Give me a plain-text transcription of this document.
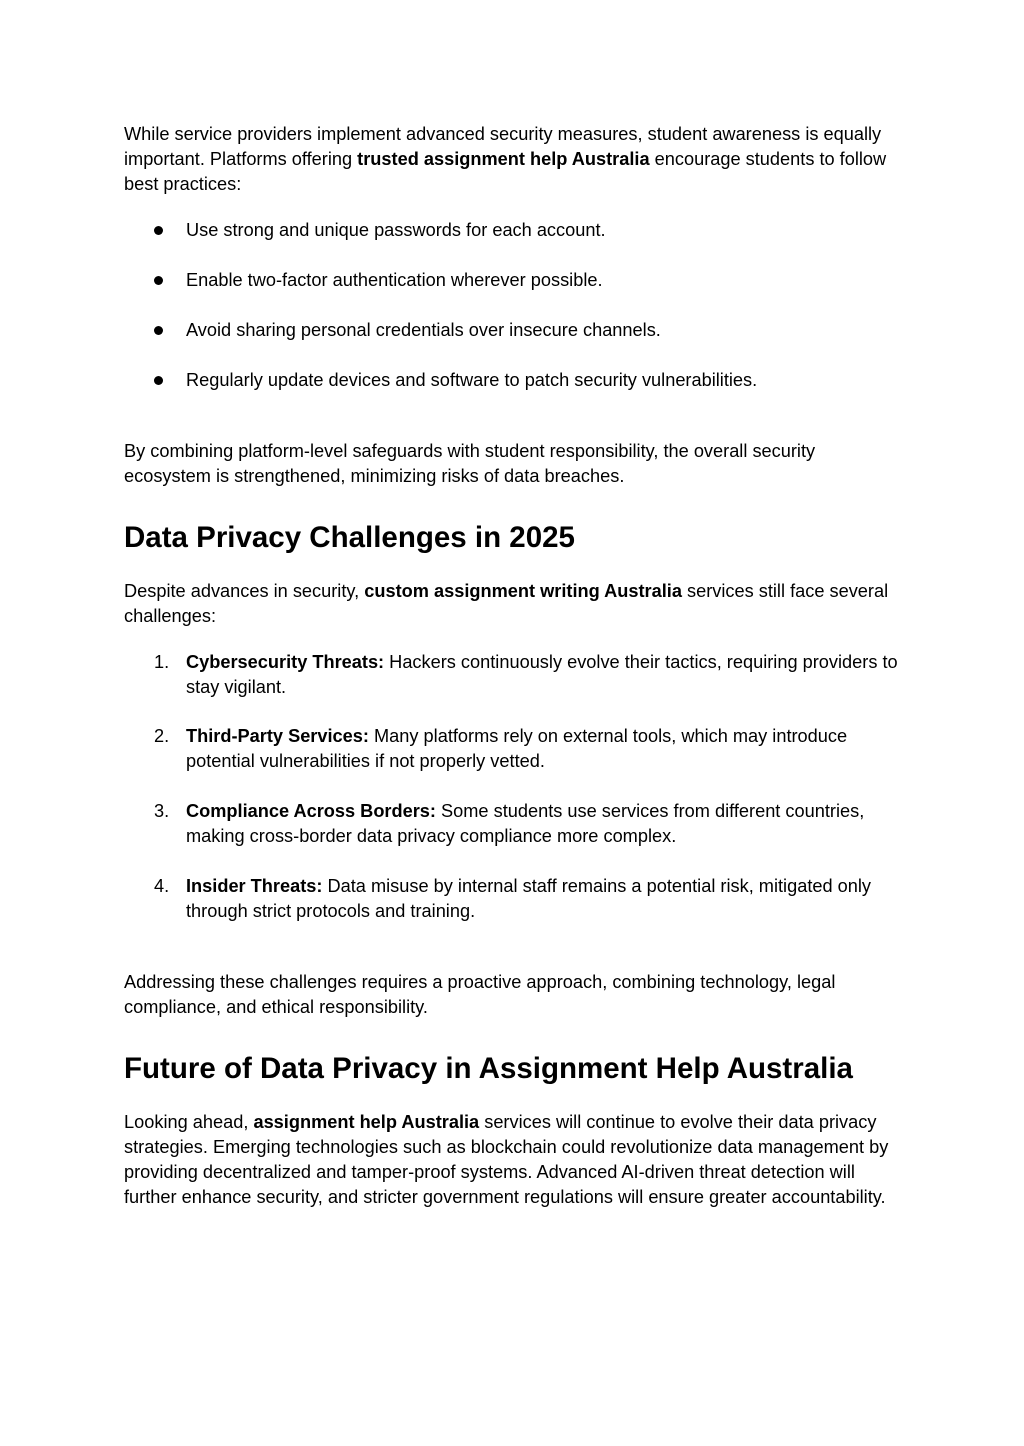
While service providers implement advanced security measures, student awareness is equally important. Platforms offering trusted assignment help Australia encourage students to follow best practices:

Use strong and unique passwords for each account.
Enable two-factor authentication wherever possible.
Avoid sharing personal credentials over insecure channels.
Regularly update devices and software to patch security vulnerabilities.

By combining platform-level safeguards with student responsibility, the overall security ecosystem is strengthened, minimizing risks of data breaches.

Data Privacy Challenges in 2025

Despite advances in security, custom assignment writing Australia services still face several challenges:

1. Cybersecurity Threats: Hackers continuously evolve their tactics, requiring providers to stay vigilant.
2. Third-Party Services: Many platforms rely on external tools, which may introduce potential vulnerabilities if not properly vetted.
3. Compliance Across Borders: Some students use services from different countries, making cross-border data privacy compliance more complex.
4. Insider Threats: Data misuse by internal staff remains a potential risk, mitigated only through strict protocols and training.

Addressing these challenges requires a proactive approach, combining technology, legal compliance, and ethical responsibility.

Future of Data Privacy in Assignment Help Australia

Looking ahead, assignment help Australia services will continue to evolve their data privacy strategies. Emerging technologies such as blockchain could revolutionize data management by providing decentralized and tamper-proof systems. Advanced AI-driven threat detection will further enhance security, and stricter government regulations will ensure greater accountability.
